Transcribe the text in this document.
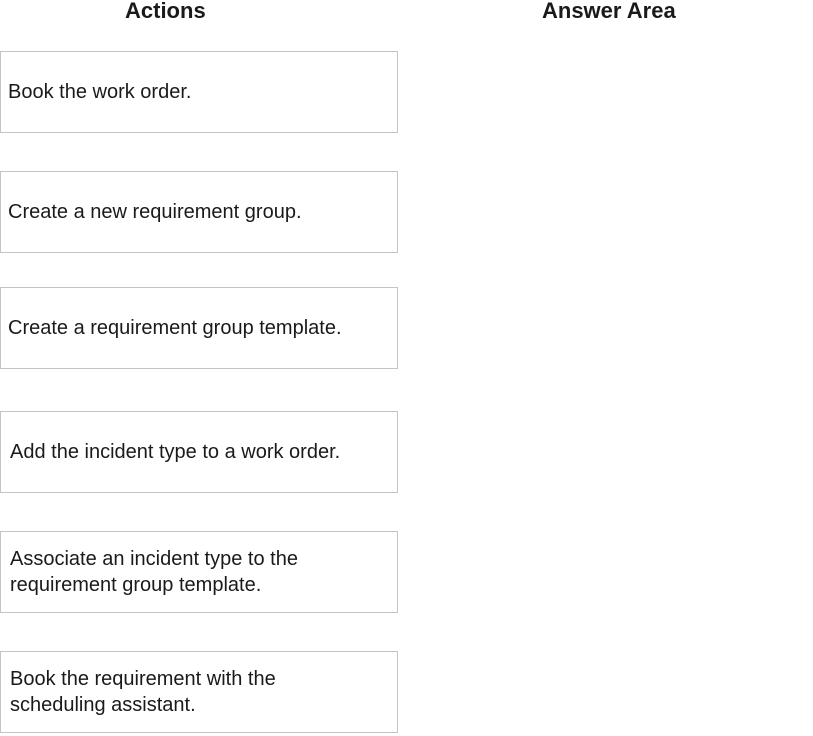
Actions	Answer Area
Book the work order.
Create a new requirement group.
Create a requirement group template.
Add the incident type to a work order.
Associate an incident type to the requirement group template.
Book the requirement with the scheduling assistant.
